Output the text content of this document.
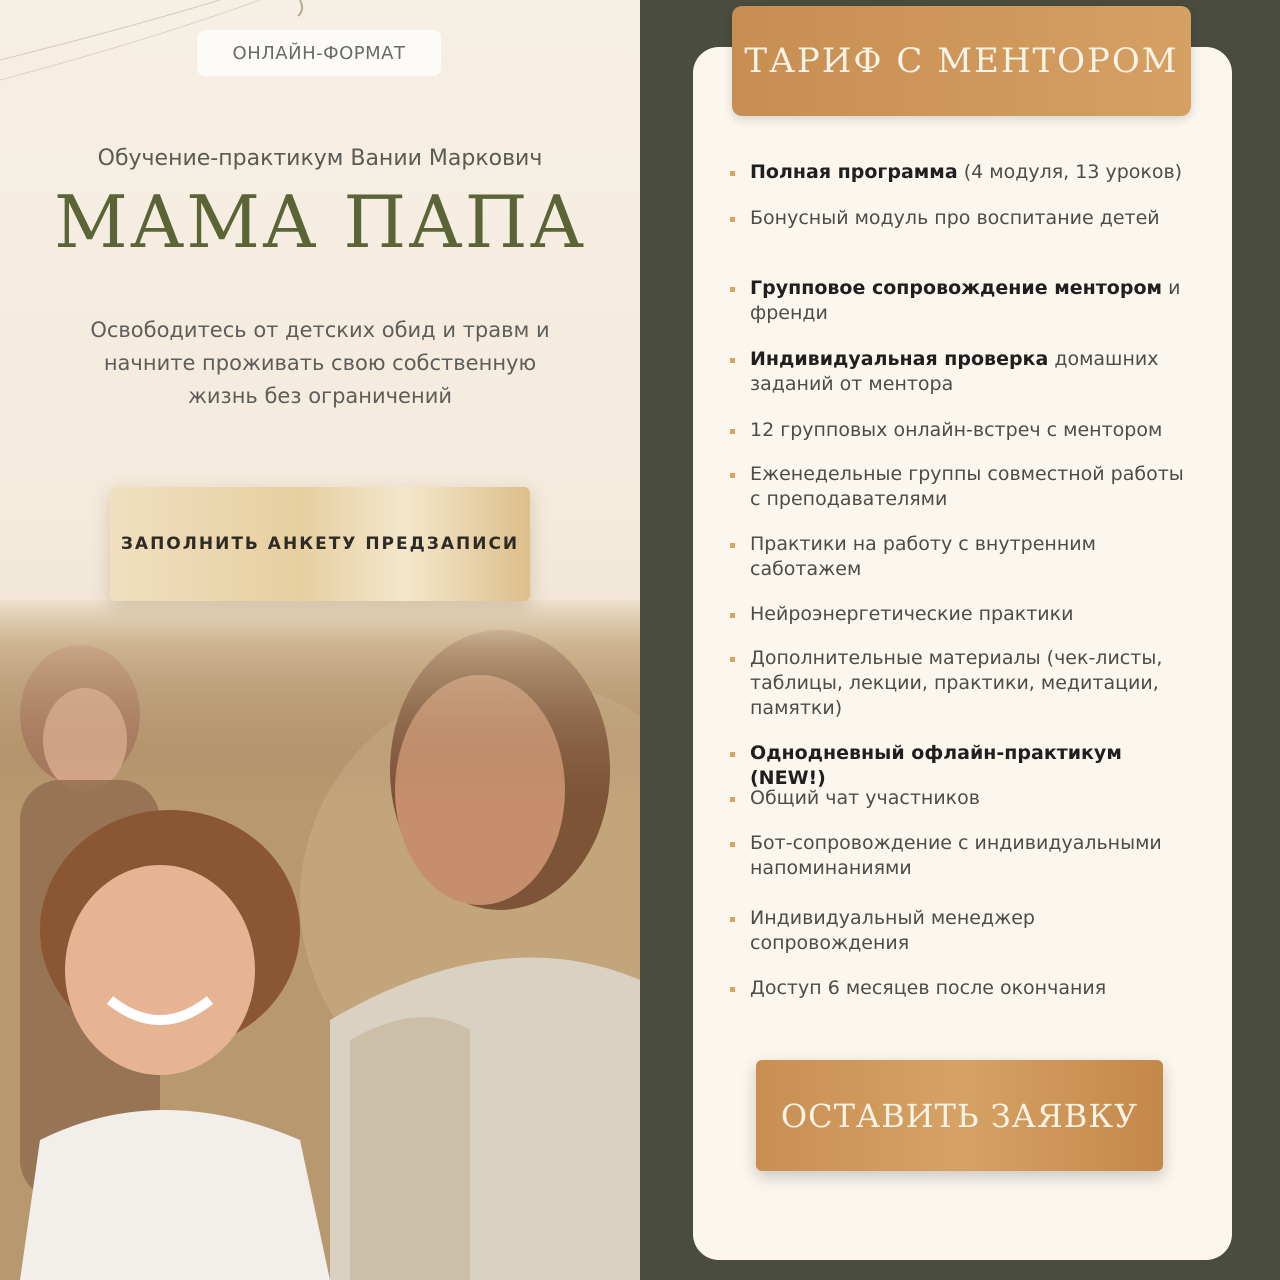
ОНЛАЙН-ФОРМАТ
Обучение-практикум Вании Маркович
МАМА ПАПА
Освободитесь от детских обид и травм и начните проживать свою собственную жизнь без ограничений
ЗАПОЛНИТЬ АНКЕТУ ПРЕДЗАПИСИ
ТАРИФ С МЕНТОРОМ
Полная программа (4 модуля, 13 уроков)
Бонусный модуль про воспитание детей
Групповое сопровождение ментором и френди
Индивидуальная проверка домашних заданий от ментора
12 групповых онлайн-встреч с ментором
Еженедельные группы совместной работы с преподавателями
Практики на работу с внутренним саботажем
Нейроэнергетические практики
Дополнительные материалы (чек-листы, таблицы, лекции, практики, медитации, памятки)
Однодневный офлайн-практикум (NEW!)
Общий чат участников
Бот-сопровождение с индивидуальными напоминаниями
Индивидуальный менеджер сопровождения
Доступ 6 месяцев после окончания
ОСТАВИТЬ ЗАЯВКУ
